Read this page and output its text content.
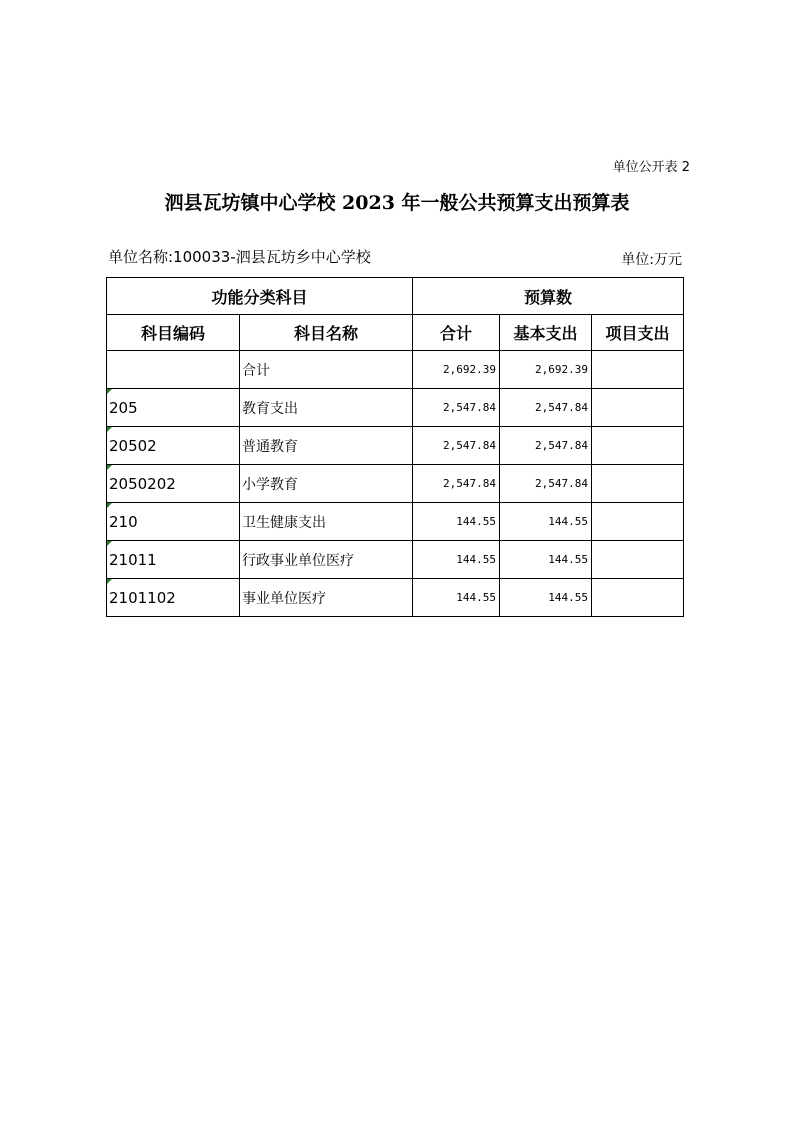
单位公开表 2
泗县瓦坊镇中心学校 2023 年一般公共预算支出预算表
单位名称:100033-泗县瓦坊乡中心学校	单位:万元
功能分类科目		预算数		
科目编码	科目名称	合计	基本支出	项目支出
	合计	2,692.39	2,692.39	
205	教育支出	2,547.84	2,547.84	
20502	普通教育	2,547.84	2,547.84	
2050202	小学教育	2,547.84	2,547.84	
210	卫生健康支出	144.55	144.55	
21011	行政事业单位医疗	144.55	144.55	
2101102	事业单位医疗	144.55	144.55	
